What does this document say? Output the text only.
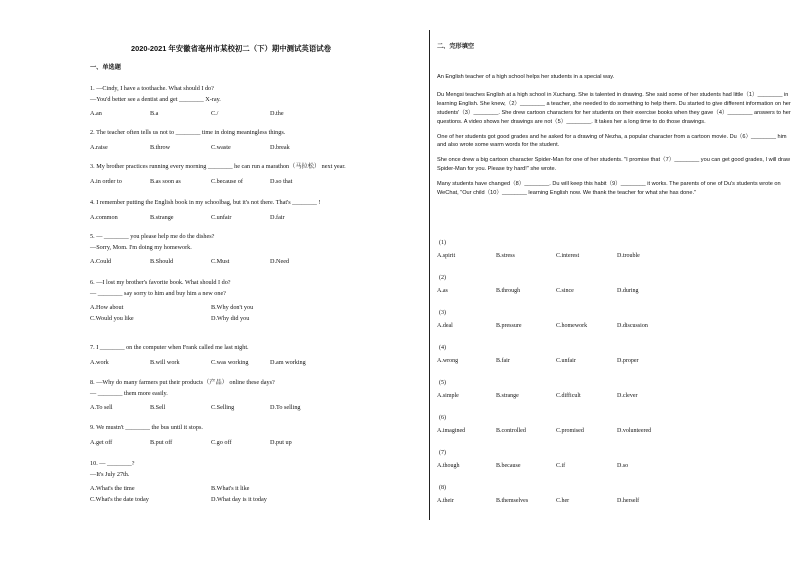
2020-2021 年安徽省亳州市某校初二（下）期中测试英语试卷
一、单选题
二、完形填空
1. —Cindy, I have a toothache. What should I do?
—You'd better see a dentist and get ________ X-ray.
A.an	B.a	C./	D.the
2. The teacher often tells us not to ________ time in doing meaningless things.
A.raise	B.throw	C.waste	D.break
3. My brother practices running every morning ________ he can run a marathon（马拉松） next year.
A.in order to	B.as soon as	C.because of	D.so that
4. I remember putting the English book in my schoolbag, but it's not there. That's ________ !
A.common	B.strange	C.unfair	D.fair
5. — ________ you please help me do the dishes?
—Sorry, Mom. I'm doing my homework.
A.Could	B.Should	C.Must	D.Need
6. —I lost my brother's favorite book. What should I do?
— ________ say sorry to him and buy him a new one?
A.How about	B.Why don't you
C.Would you like	D.Why did you
7. I ________ on the computer when Frank called me last night.
A.work	B.will work	C.was working	D.am working
8. —Why do many farmers put their products（产品） online these days?
— ________ them more easily.
A.To sell	B.Sell	C.Selling	D.To selling
9. We mustn't ________ the bus until it stops.
A.get off	B.put off	C.go off	D.put up
10. — ________?
—It's July 27th.
A.What's the time	B.What's it like
C.What's the date today	D.What day is it today

An English teacher of a high school helps her students in a special way.

Du Mengsi teaches English at a high school in Xuchang. She is talented in drawing. She said some of her students had little（1）________ in learning English. She knew,（2）________ a teacher, she needed to do something to help them. Du started to give different information on her students'（3）________. She drew cartoon characters for her students on their exercise books when they gave（4）________ answers to her questions. A video shows her drawings are not（5）________. It takes her a long time to do those drawings.

One of her students got good grades and he asked for a drawing of Nezha, a popular character from a cartoon movie. Du（6）________ him and also wrote some warm words for the student.

She once drew a big cartoon character Spider-Man for one of her students. "I promise that（7）________ you can get good grades, I will draw Spider-Man for you. Please try hard!" she wrote.

Many students have changed（8）________. Du will keep this habit（9）________ it works. The parents of one of Du's students wrote on WeChat, "Our child（10）________ learning English now. We thank the teacher for what she has done."

(1)
A.spirit	B.stress	C.interest	D.trouble
(2)
A.as	B.through	C.since	D.during
(3)
A.deal	B.pressure	C.homework	D.discussion
(4)
A.wrong	B.fair	C.unfair	D.proper
(5)
A.simple	B.strange	C.difficult	D.clever
(6)
A.imagined	B.controlled	C.promised	D.volunteered
(7)
A.though	B.because	C.if	D.so
(8)
A.their	B.themselves	C.her	D.herself
